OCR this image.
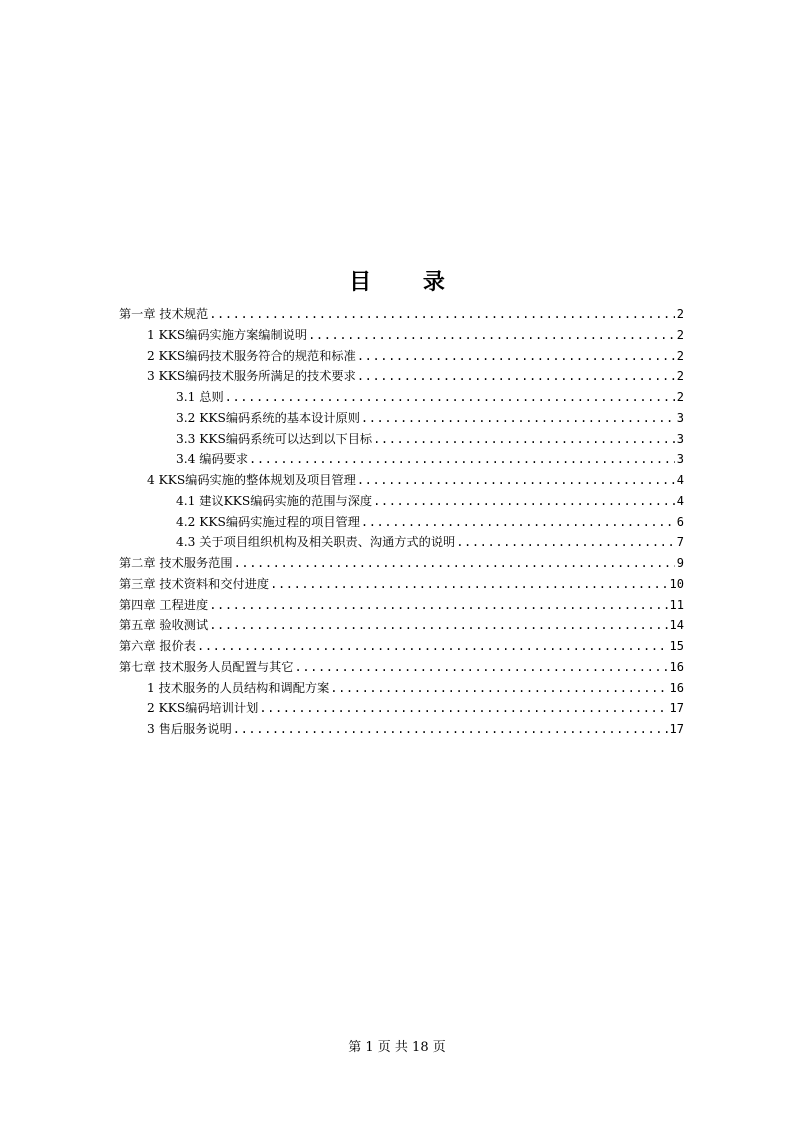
目 录
第一章 技术规范 .....	2
1 KKS编码实施方案编制说明 .....	2
2 KKS编码技术服务符合的规范和标准 .....	2
3 KKS编码技术服务所满足的技术要求 .....	2
3.1 总则 .....	2
3.2 KKS编码系统的基本设计原则 .....	3
3.3 KKS编码系统可以达到以下目标 .....	3
3.4 编码要求 .....	3
4 KKS编码实施的整体规划及项目管理 .....	4
4.1 建议KKS编码实施的范围与深度 .....	4
4.2 KKS编码实施过程的项目管理 .....	6
4.3 关于项目组织机构及相关职责、沟通方式的说明 .....	7
第二章 技术服务范围 .....	9
第三章 技术资料和交付进度 .....	10
第四章 工程进度 .....	11
第五章 验收测试 .....	14
第六章 报价表 .....	15
第七章 技术服务人员配置与其它 .....	16
1 技术服务的人员结构和调配方案 .....	16
2 KKS编码培训计划 .....	17
3 售后服务说明 .....	17
第 1 页 共 18 页
